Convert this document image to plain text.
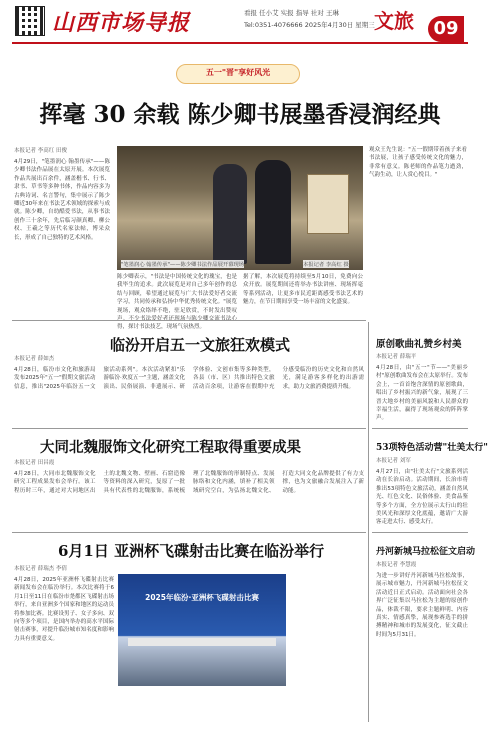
山西市场导报	看报 任小艾 实报 指导 社对 王琳
Tel:0351-4076666 2025年4月30日 星期三 文旅	09
五一"晋"享好风光
挥毫 30 余载 陈少卿书展墨香浸润经典
本报记者 李高红 田俊
4月29日，"笔墨润心 翰墨传承"——陈少卿书法作品展在太原开展。本次展览作品共展出百余件，涵盖楷书、行书、隶书、草书等多种书体，作品内容多为古典诗词、名言警句，集中展示了陈少卿近30年来在书法艺术领域的探索与成就。陈少卿，自幼酷爱书法，从事书法创作三十余年，先后临习颜真卿、柳公权、王羲之等历代名家法帖，博采众长，形成了自己独特的艺术风格。
"笔墨润心 翰墨传承"——陈少卿书法作品展开幕现场	本报记者 李高红 摄
观众王先生说："五一假期带着孩子来看书法展，让孩子感受传统文化的魅力，非常有意义。陈老师的作品笔力遒劲，气韵生动，让人赏心悦目。"
陈少卿表示，"书法是中国传统文化的瑰宝，也是我毕生的追求。此次展览是对自己多年创作的总结与回顾，希望通过展览与广大书法爱好者交流学习，共同传承和弘扬中华优秀传统文化。"展览现场，观众络绎不绝，驻足欣赏，不时发出赞叹 得，探讨书法技艺，现场气氛热烈。
据了解，本次展览将持续至5月10日，免费向公众开放。展览期间还将举办书法讲座、现场挥毫等系列活动，让更多市民近距离感受书法艺术的魅力，在节日期间享受一场丰富的文化盛宴。
临汾开启五一文旅狂欢模式
本报记者 薛如杰
4月28日，临汾市文化和旅游局发布2025年"五一"假期文旅活动信息，推出"2025年临汾五一文旅活动系列"。本次活动紧扣"乐游临汾·欢度五一"主题，涵盖文化演出、民俗展演、非遗展示、研学体验、文创市集等多种类型，各县（市、区）共推出特色文旅活动百余项，让游客在假期中充分感受临汾的历史文化和自然风光，满足游客多样化的出游需求，助力文旅消费提质升级。
原创歌曲礼赞乡村美
本报记者 薛瑞平
4月28日，由"五一"节——"美丽乡村"原创歌曲发布会在太原举行。发布会上，一首首饱含深情的原创歌曲，唱出了乡村振兴的新气象，展现了三晋大地乡村的美丽风貌和人民群众的幸福生活，赢得了现场观众的阵阵掌声。
大同北魏服饰文化研究工程取得重要成果
本报记者 田昌霞
4月28日，大同市北魏服饰文化研究工程成果发布会举行。该工程历时三年，通过对大同地区出土的北魏文物、壁画、石窟造像等资料的深入研究，复原了一批具有代表性的北魏服饰，系统梳理了北魏服饰的形制特点、发展脉络和文化内涵，填补了相关领域研究空白，为弘扬北魏文化、打造大同文化品牌提供了有力支撑，也为文旅融合发展注入了新动能。
53项特色活动营"壮美太行"
本报记者 刘军
4月27日，由"壮美太行"文旅系列活动在长治启动。活动期间，长治市将推出53项特色文旅活动，涵盖自然风光、红色文化、民俗体验、美食品鉴等多个方面，全方位展示太行山的壮美风光和深厚文化底蕴，邀请广大游客走进太行、感受太行。
6月1日 亚洲杯飞碟射击比赛在临汾举行
本报记者 薛瑞杰 李倩
4月28日，2025年亚洲杯飞碟射击比赛新闻发布会在临汾举行。本次比赛将于6月1日至11日在临汾市尧都区飞碟射击场举行，来自亚洲多个国家和地区的运动员将参加比赛。比赛设男子、女子多向、双向等多个项目，是国内举办的高水平国际射击赛事，对提升临汾城市知名度和影响力具有重要意义。
2025年临汾·亚洲杯飞碟射击比赛
丹河新城马拉松征文启动
本报记者 李慧霞
为进一步讲好丹河新城马拉松故事，展示城市魅力，丹河新城马拉松征文活动近日正式启动。活动面向社会各界广泛征集以马拉松为主题的原创作品，体裁不限，要求主题鲜明、内容真实、情感真挚，展现参赛选手的拼搏精神和城市的发展变化，征文截止时间为5月31日。
